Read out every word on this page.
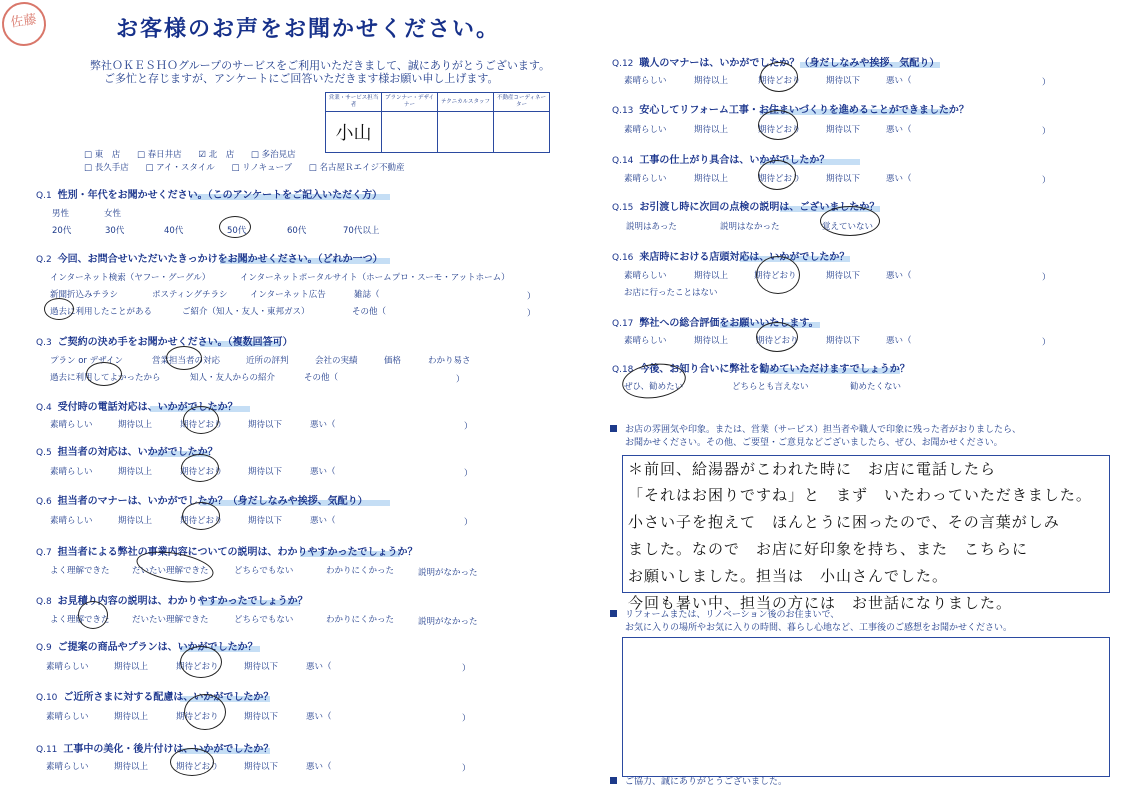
佐藤	お客様のお声をお聞かせください。
弊社ＯＫＥＳＨＯグループのサービスをご利用いただきまして、誠にありがとうございます。
ご多忙と存じますが、アンケートにご回答いただきます様お願い申し上げます。
営業・サービス担当者	プランナー・デザイナー	テクニカルスタッフ	不動産コーディネーター
小山			
□ 東　店 □ 春日井店 ☑ 北　店 □ 多治見店
□ 長久手店 □ アイ・スタイル □ リノキューブ □ 名古屋Ｒエイジ不動産
Q.1 性別・年代をお聞かせください。（このアンケートをご記入いただく方）
男性	女性
20代	30代	40代	50代	60代	70代以上
Q.2 今回、お問合せいただいたきっかけをお聞かせください。（どれか一つ）
インターネット検索（ヤフー・グーグル）	インターネットポータルサイト（ホームプロ・スーモ・アットホーム）
新聞折込みチラシ	ポスティングチラシ	インターネット広告	雑誌（	）
過去に利用したことがある	ご紹介（知人・友人・東邦ガス）	その他（	）
Q.3 ご契約の決め手をお聞かせください。（複数回答可）
プラン or デザイン	営業担当者の対応	近所の評判	会社の実績	価格	わかり易さ
過去に利用してよかったから	知人・友人からの紹介	その他（	）
Q.4 受付時の電話対応は、いかがでしたか？
素晴らしい	期待以上	期待どおり	期待以下	悪い（	）
Q.5 担当者の対応は、いかがでしたか？
素晴らしい	期待以上	期待どおり	期待以下	悪い（	）
Q.6 担当者のマナーは、いかがでしたか？（身だしなみや挨拶、気配り）
素晴らしい	期待以上	期待どおり	期待以下	悪い（	）
Q.7 担当者による弊社の事業内容についての説明は、わかりやすかったでしょうか？
よく理解できた	だいたい理解できた	どちらでもない	わかりにくかった	説明がなかった
Q.8 お見積り内容の説明は、わかりやすかったでしょうか？
よく理解できた	だいたい理解できた	どちらでもない	わかりにくかった	説明がなかった
Q.9 ご提案の商品やプランは、いかがでしたか？
素晴らしい	期待以上	期待どおり	期待以下	悪い（	）
Q.10 ご近所さまに対する配慮は、いかがでしたか？
素晴らしい	期待以上	期待どおり	期待以下	悪い（	）
Q.11 工事中の美化・後片付けは、いかがでしたか？
素晴らしい	期待以上	期待どおり	期待以下	悪い（	）
Q.12 職人のマナーは、いかがでしたか？（身だしなみや挨拶、気配り）
素晴らしい	期待以上	期待どおり	期待以下	悪い（	）
Q.13 安心してリフォーム工事・お住まいづくりを進めることができましたか？
素晴らしい	期待以上	期待どおり	期待以下	悪い（	）
Q.14 工事の仕上がり具合は、いかがでしたか？
素晴らしい	期待以上	期待どおり	期待以下	悪い（	）
Q.15 お引渡し時に次回の点検の説明は、ございましたか？
説明はあった	説明はなかった	覚えていない
Q.16 来店時における店頭対応は、いかがでしたか？
素晴らしい	期待以上	期待どおり	期待以下	悪い（	）
お店に行ったことはない
Q.17 弊社への総合評価をお願いいたします。
素晴らしい	期待以上	期待どおり	期待以下	悪い（	）
Q.18 今後、お知り合いに弊社を勧めていただけますでしょうか？
ぜひ、勧めたい	どちらとも言えない	勧めたくない
お店の雰囲気や印象。または、営業（サービス）担当者や職人で印象に残った者がおりましたら、
お聞かせください。その他、ご要望・ご意見などございましたら、ぜひ、お聞かせください。
＊前回、給湯器がこわれた時に　お店に電話したら
「それはお困りですね」と　まず　いたわっていただきました。
小さい子を抱えて　ほんとうに困ったので、その言葉がしみ
ました。なので　お店に好印象を持ち、また　こちらに
お願いしました。担当は　小山さんでした。
今回も暑い中、担当の方には　お世話になりました。
リフォームまたは、リノベーション後のお住まいで、
お気に入りの場所やお気に入りの時間、暮らし心地など、工事後のご感想をお聞かせください。
ご協力、誠にありがとうございました。
